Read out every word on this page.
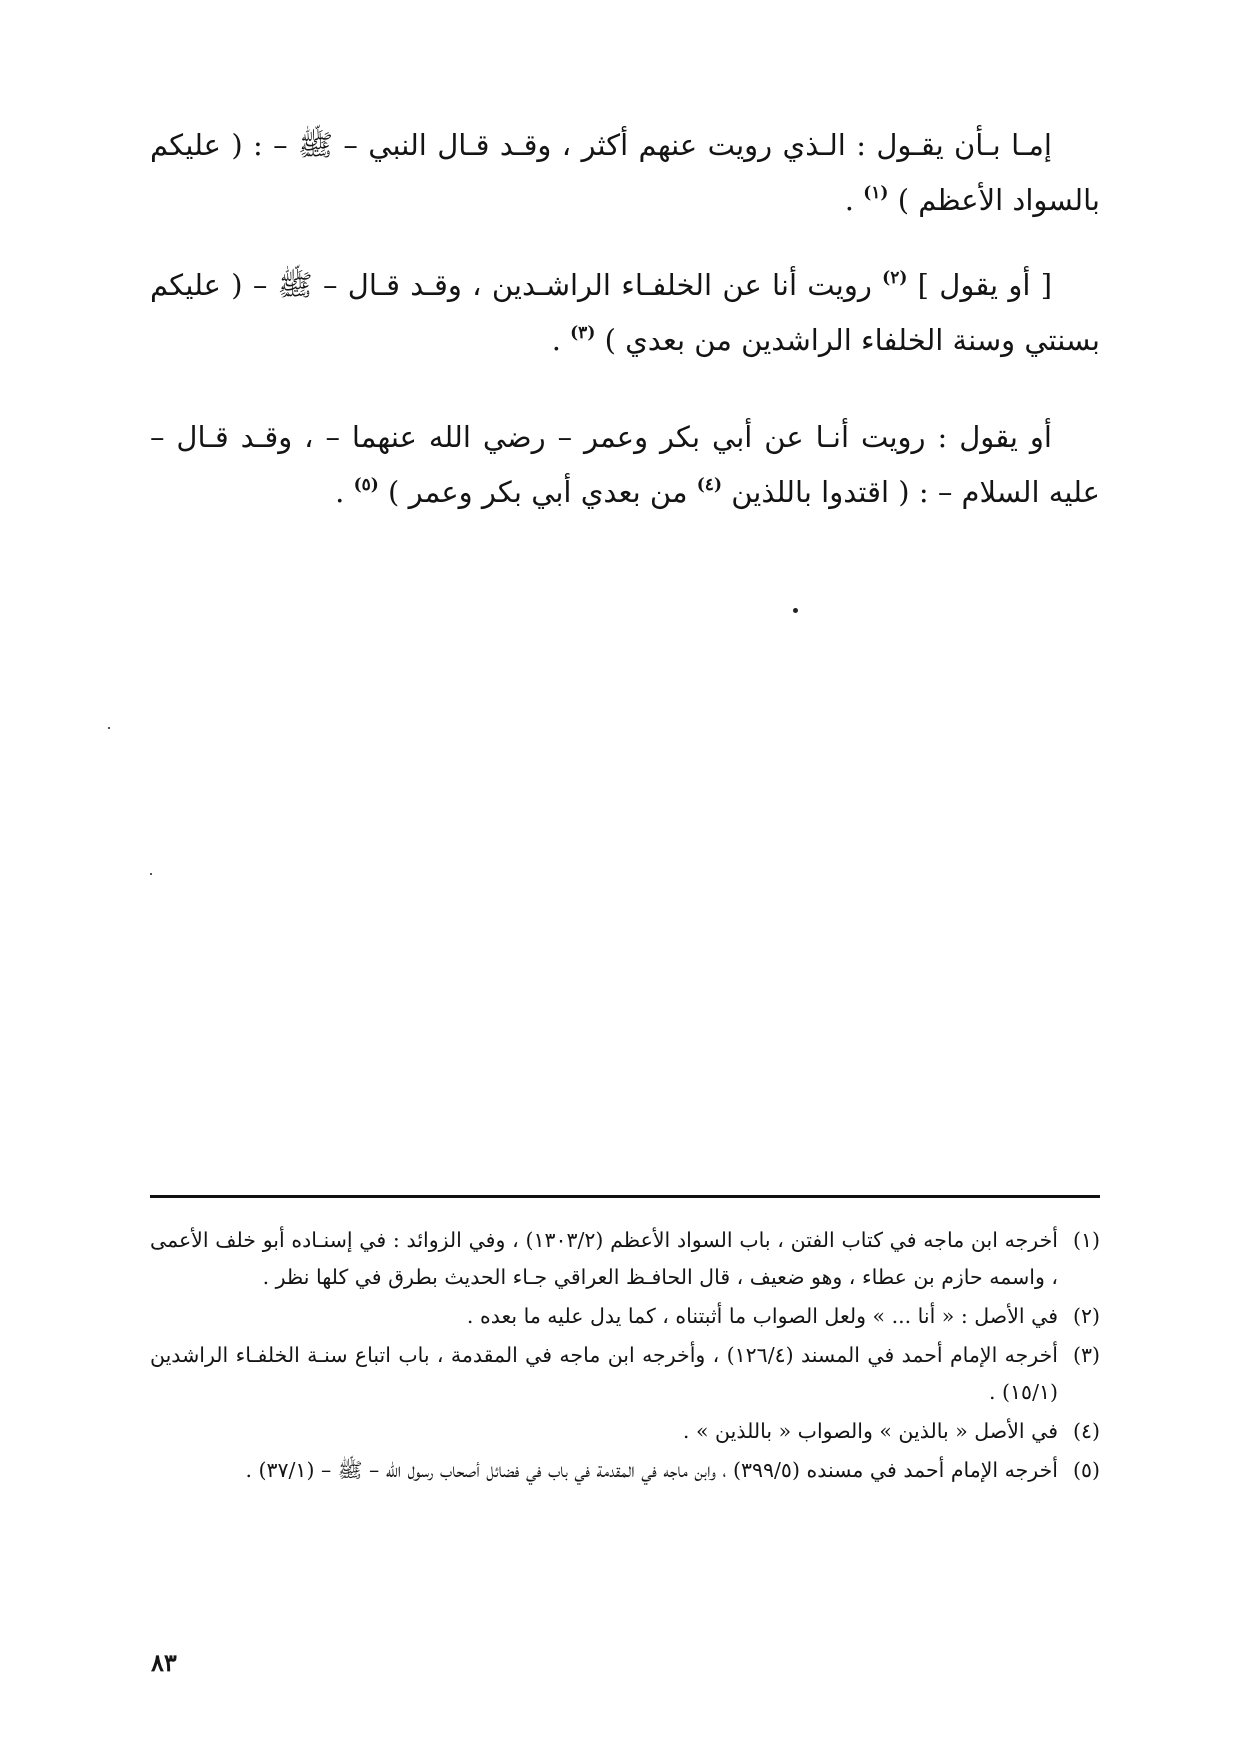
إمـا بـأن يقـول : الـذي رويت عنهم أكثر ، وقـد قـال النبي – ﷺ – : ( عليكم بالسواد الأعظم ) $^{(١)}$ .

[ أو يقول ] $^{(٢)}$ رويت أنا عن الخلفـاء الراشـدين ، وقـد قـال – ﷺ – ( عليكم بسنتي وسنة الخلفاء الراشدين من بعدي ) $^{(٣)}$ .

أو يقول : رويت أنـا عن أبي بكر وعمر – رضي الله عنهما – ، وقـد قـال – عليه السلام – : ( اقتدوا باللذين $^{(٤)}$ من بعدي أبي بكر وعمر ) $^{(٥)}$ .

(١)
أخرجه ابن ماجه في كتاب الفتن ، باب السواد الأعظم (١٣٠٣/٢) ، وفي الزوائد : في إسنـاده أبو خلف الأعمى ، واسمه حازم بن عطاء ، وهو ضعيف ، قال الحافـظ العراقي جـاء الحديث بطرق في كلها نظر .
(٢)
في الأصل : « أنا ... » ولعل الصواب ما أثبتناه ، كما يدل عليه ما بعده .
(٣)
أخرجه الإمام أحمد في المسند (١٢٦/٤) ، وأخرجه ابن ماجه في المقدمة ، باب اتباع سنـة الخلفـاء الراشدين (١٥/١) .
(٤)
في الأصل « بالذين » والصواب « باللذين » .
(٥)
أخرجه الإمام أحمد في مسنده (٣٩٩/٥) ، وابن ماجه في المقدمة في باب في فضائل أصحاب رسول الله – ﷺ – (٣٧/١) .
٨٣
